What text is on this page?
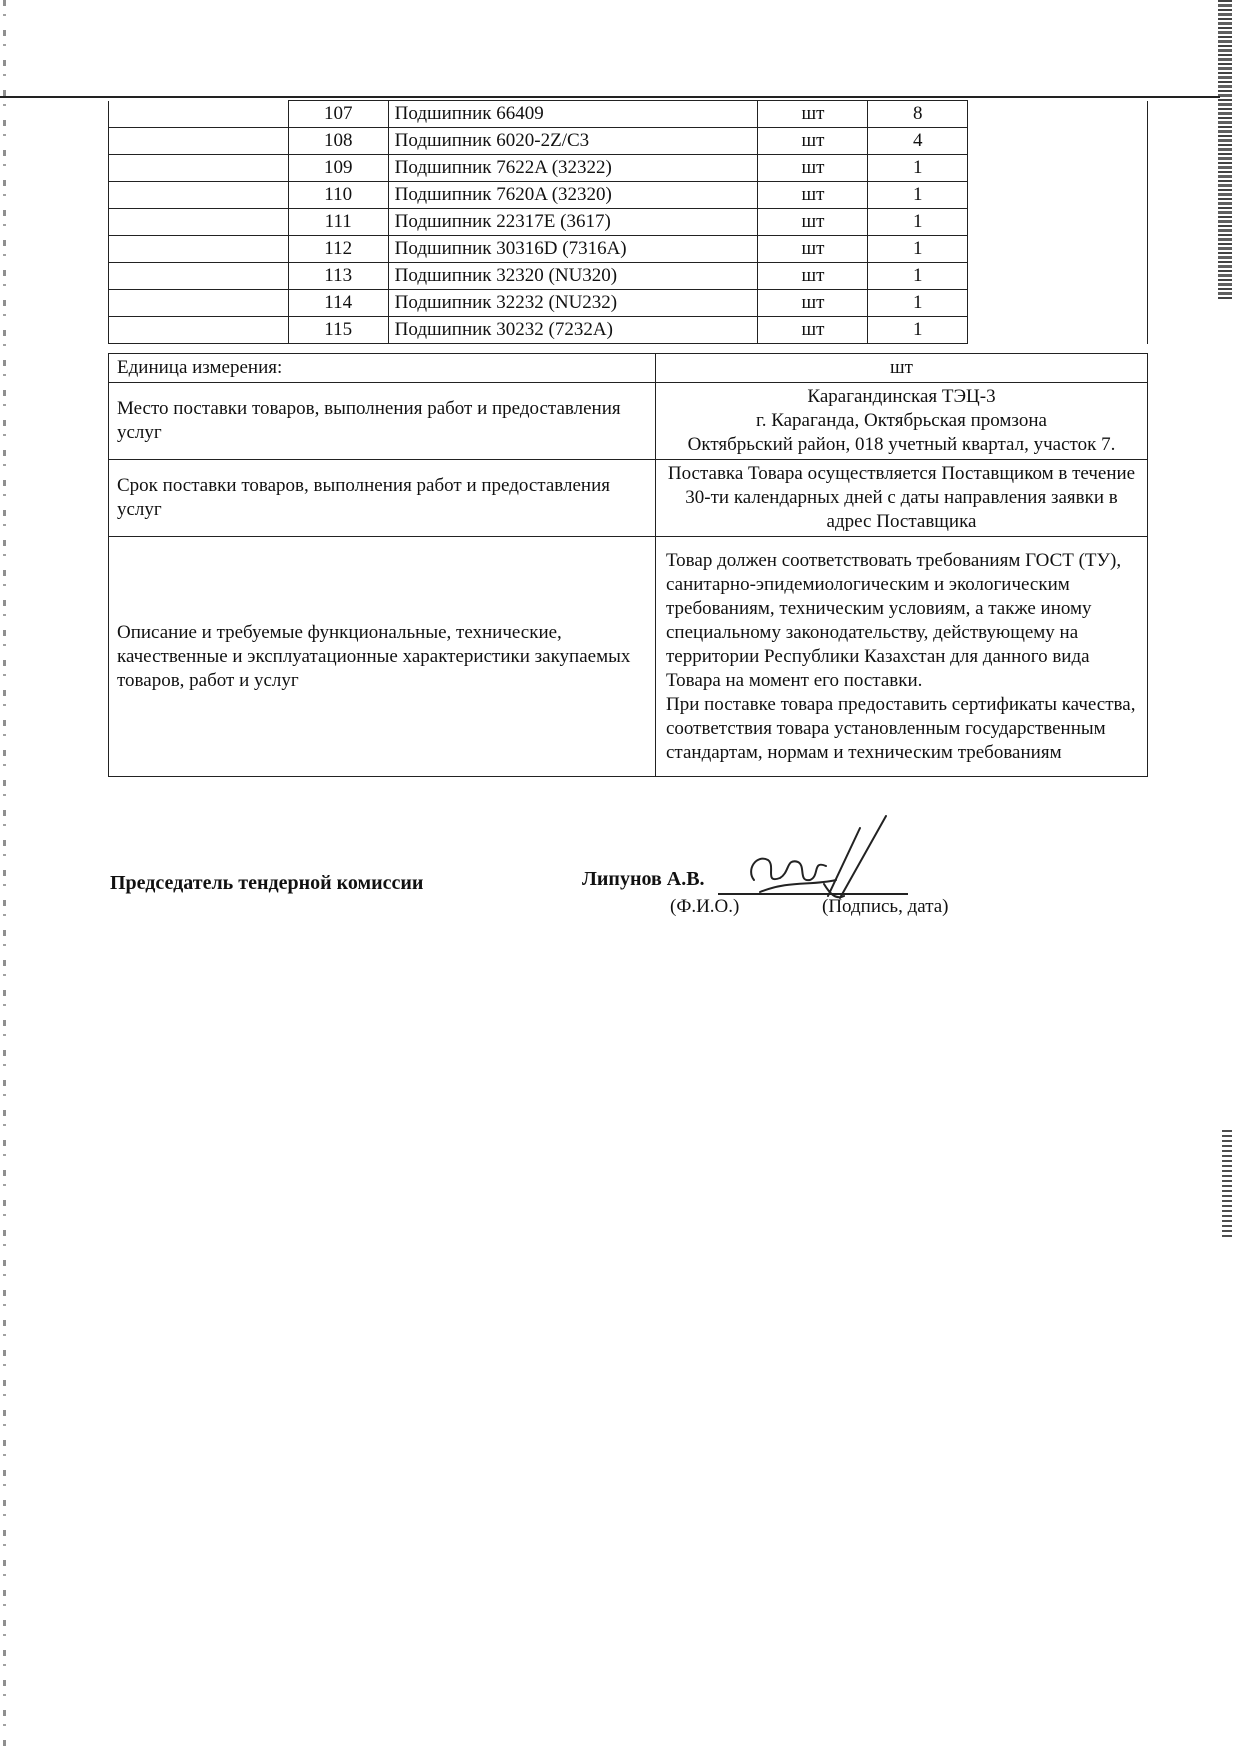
	107	Подшипник 66409	шт	8	
	108	Подшипник 6020-2Z/C3	шт	4	
	109	Подшипник 7622A (32322)	шт	1	
	110	Подшипник 7620A (32320)	шт	1	
	111	Подшипник 22317E (3617)	шт	1	
	112	Подшипник 30316D (7316A)	шт	1	
	113	Подшипник 32320 (NU320)	шт	1	
	114	Подшипник 32232 (NU232)	шт	1	
	115	Подшипник 30232 (7232A)	шт	1	
Единица измерения:	шт
Место поставки товаров, выполнения работ и предоставления услуг	Карагандинская ТЭЦ-3

г. Караганда, Октябрьская промзона

Октябрьский район, 018 учетный квартал, участок 7.

Срок поставки товаров, выполнения работ и предоставления услуг	Поставка Товара осуществляется Поставщиком в течение 30-ти календарных дней с даты направления заявки в адрес Поставщика
Описание и требуемые функциональные, технические, качественные и эксплуатационные характеристики закупаемых товаров, работ и услуг	Товар должен соответствовать требованиям ГОСТ (ТУ), санитарно-эпидемиологическим и экологическим требованиям, техническим условиям, а также иному специальному законодательству, действующему на территории Республики Казахстан для данного вида Товара на момент его поставки.

При поставке товара предоставить сертификаты качества, соответствия товара установленным государственным стандартам, нормам и техническим требованиям

Председатель тендерной комиссии	Липунов А.В.
(Ф.И.О.)	(Подпись, дата)
